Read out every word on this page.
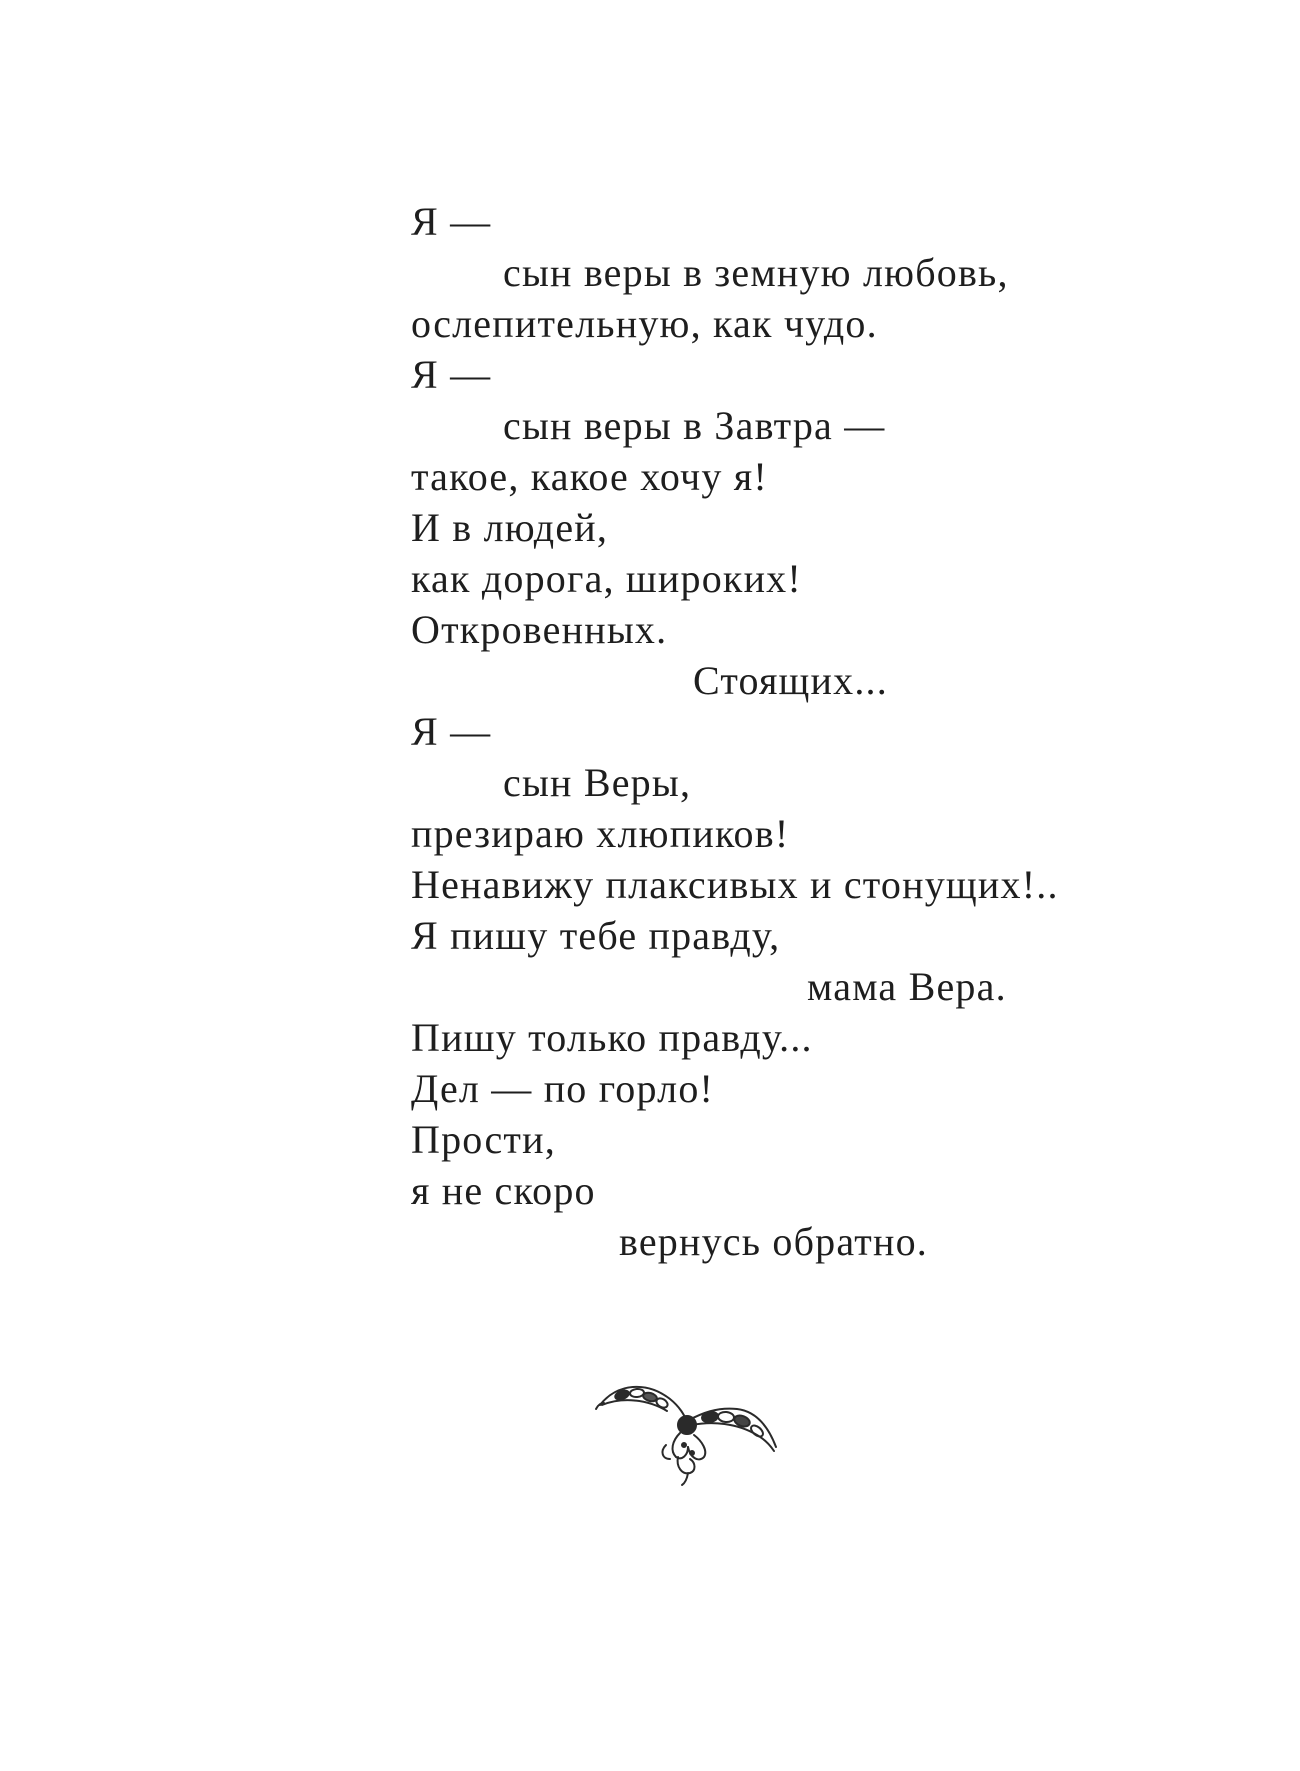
Я —
сын веры в земную любовь,
ослепительную, как чудо.
Я —
сын веры в Завтра —
такое, какое хочу я!
И в людей,
как дорога, широких!
Откровенных.
Стоящих...
Я —
сын Веры,
презираю хлюпиков!
Ненавижу плаксивых и стонущих!..
Я пишу тебе правду,
мама Вера.
Пишу только правду...
Дел — по горло!
Прости,
я не скоро
вернусь обратно.
